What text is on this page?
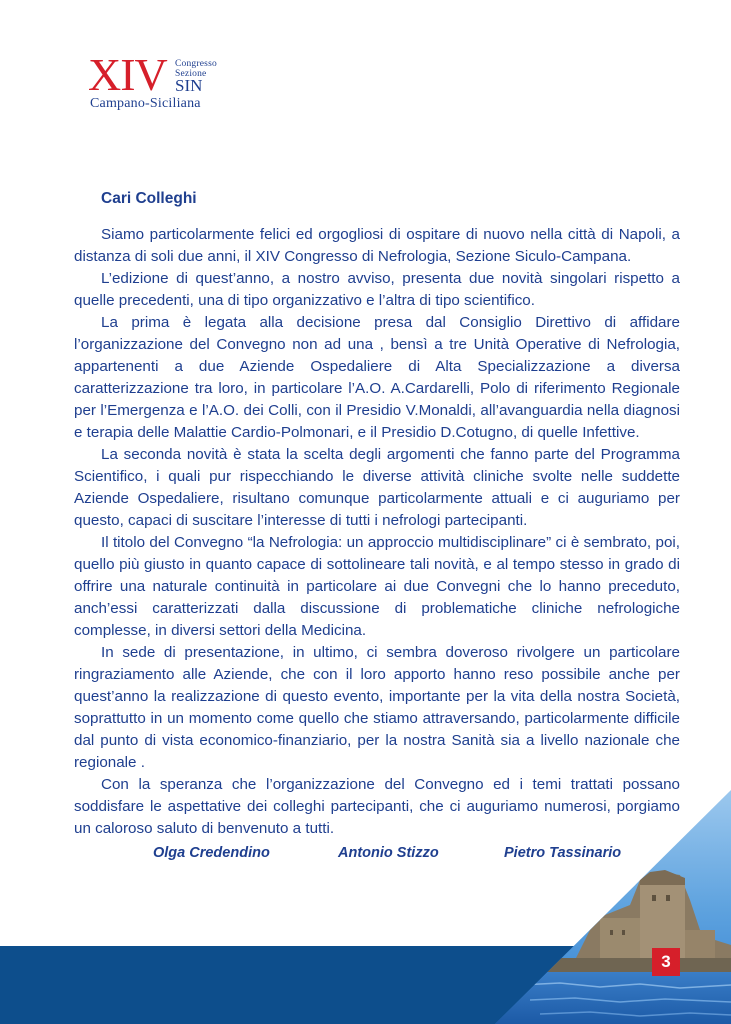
XIV Congresso
Sezione
SIN
Campano-Siciliana
Cari Colleghi

Siamo particolarmente felici ed orgogliosi di ospitare di nuovo nella città di Napoli, a distanza di soli due anni, il XIV Congresso di Nefrologia, Sezione Siculo-Campana.

L’edizione di quest’anno, a nostro avviso, presenta due novità singolari rispetto a quelle precedenti, una di tipo organizzativo e l’altra di tipo scientifico.

La prima è legata alla decisione presa dal Consiglio Direttivo di affidare l’organizzazione del Convegno non ad una , bensì a tre Unità Operative di Nefrologia, appartenenti a due Aziende Ospedaliere di Alta Specializzazione a diversa caratterizzazione tra loro, in particolare l’A.O. A.Cardarelli, Polo di riferimento Regionale per l’Emergenza e l’A.O. dei Colli, con il Presidio V.Monaldi, all’avanguardia nella diagnosi e terapia delle Malattie Cardio-Polmonari, e il Presidio D.Cotugno, di quelle Infettive.

La seconda novità è stata la scelta degli argomenti che fanno parte del Programma Scientifico, i quali pur rispecchiando le diverse attività cliniche svolte nelle suddette Aziende Ospedaliere, risultano comunque particolarmente attuali e ci auguriamo per questo, capaci di suscitare l’interesse di tutti i nefrologi partecipanti.

Il titolo del Convegno “la Nefrologia: un approccio multidisciplinare” ci è sembrato, poi, quello più giusto in quanto capace di sottolineare tali novità, e al tempo stesso in grado di offrire una naturale continuità in particolare ai due Convegni che lo hanno preceduto, anch’essi caratterizzati dalla discussione di problematiche cliniche nefrologiche complesse, in diversi settori della Medicina.

In sede di presentazione, in ultimo, ci sembra doveroso rivolgere un particolare ringraziamento alle Aziende, che con il loro apporto hanno reso possibile anche per quest’anno la realizzazione di questo evento, importante per la vita della nostra Società, soprattutto in un momento come quello che stiamo attraversando, particolarmente difficile dal punto di vista economico-finanziario, per la nostra Sanità sia a livello nazionale che regionale .

Con la speranza che l’organizzazione del Convegno ed i temi trattati possano soddisfare le aspettative dei colleghi partecipanti, che ci auguriamo numerosi, porgiamo un caloroso saluto di benvenuto a tutti.

Olga Credendino	Antonio Stizzo	Pietro Tassinario
3
